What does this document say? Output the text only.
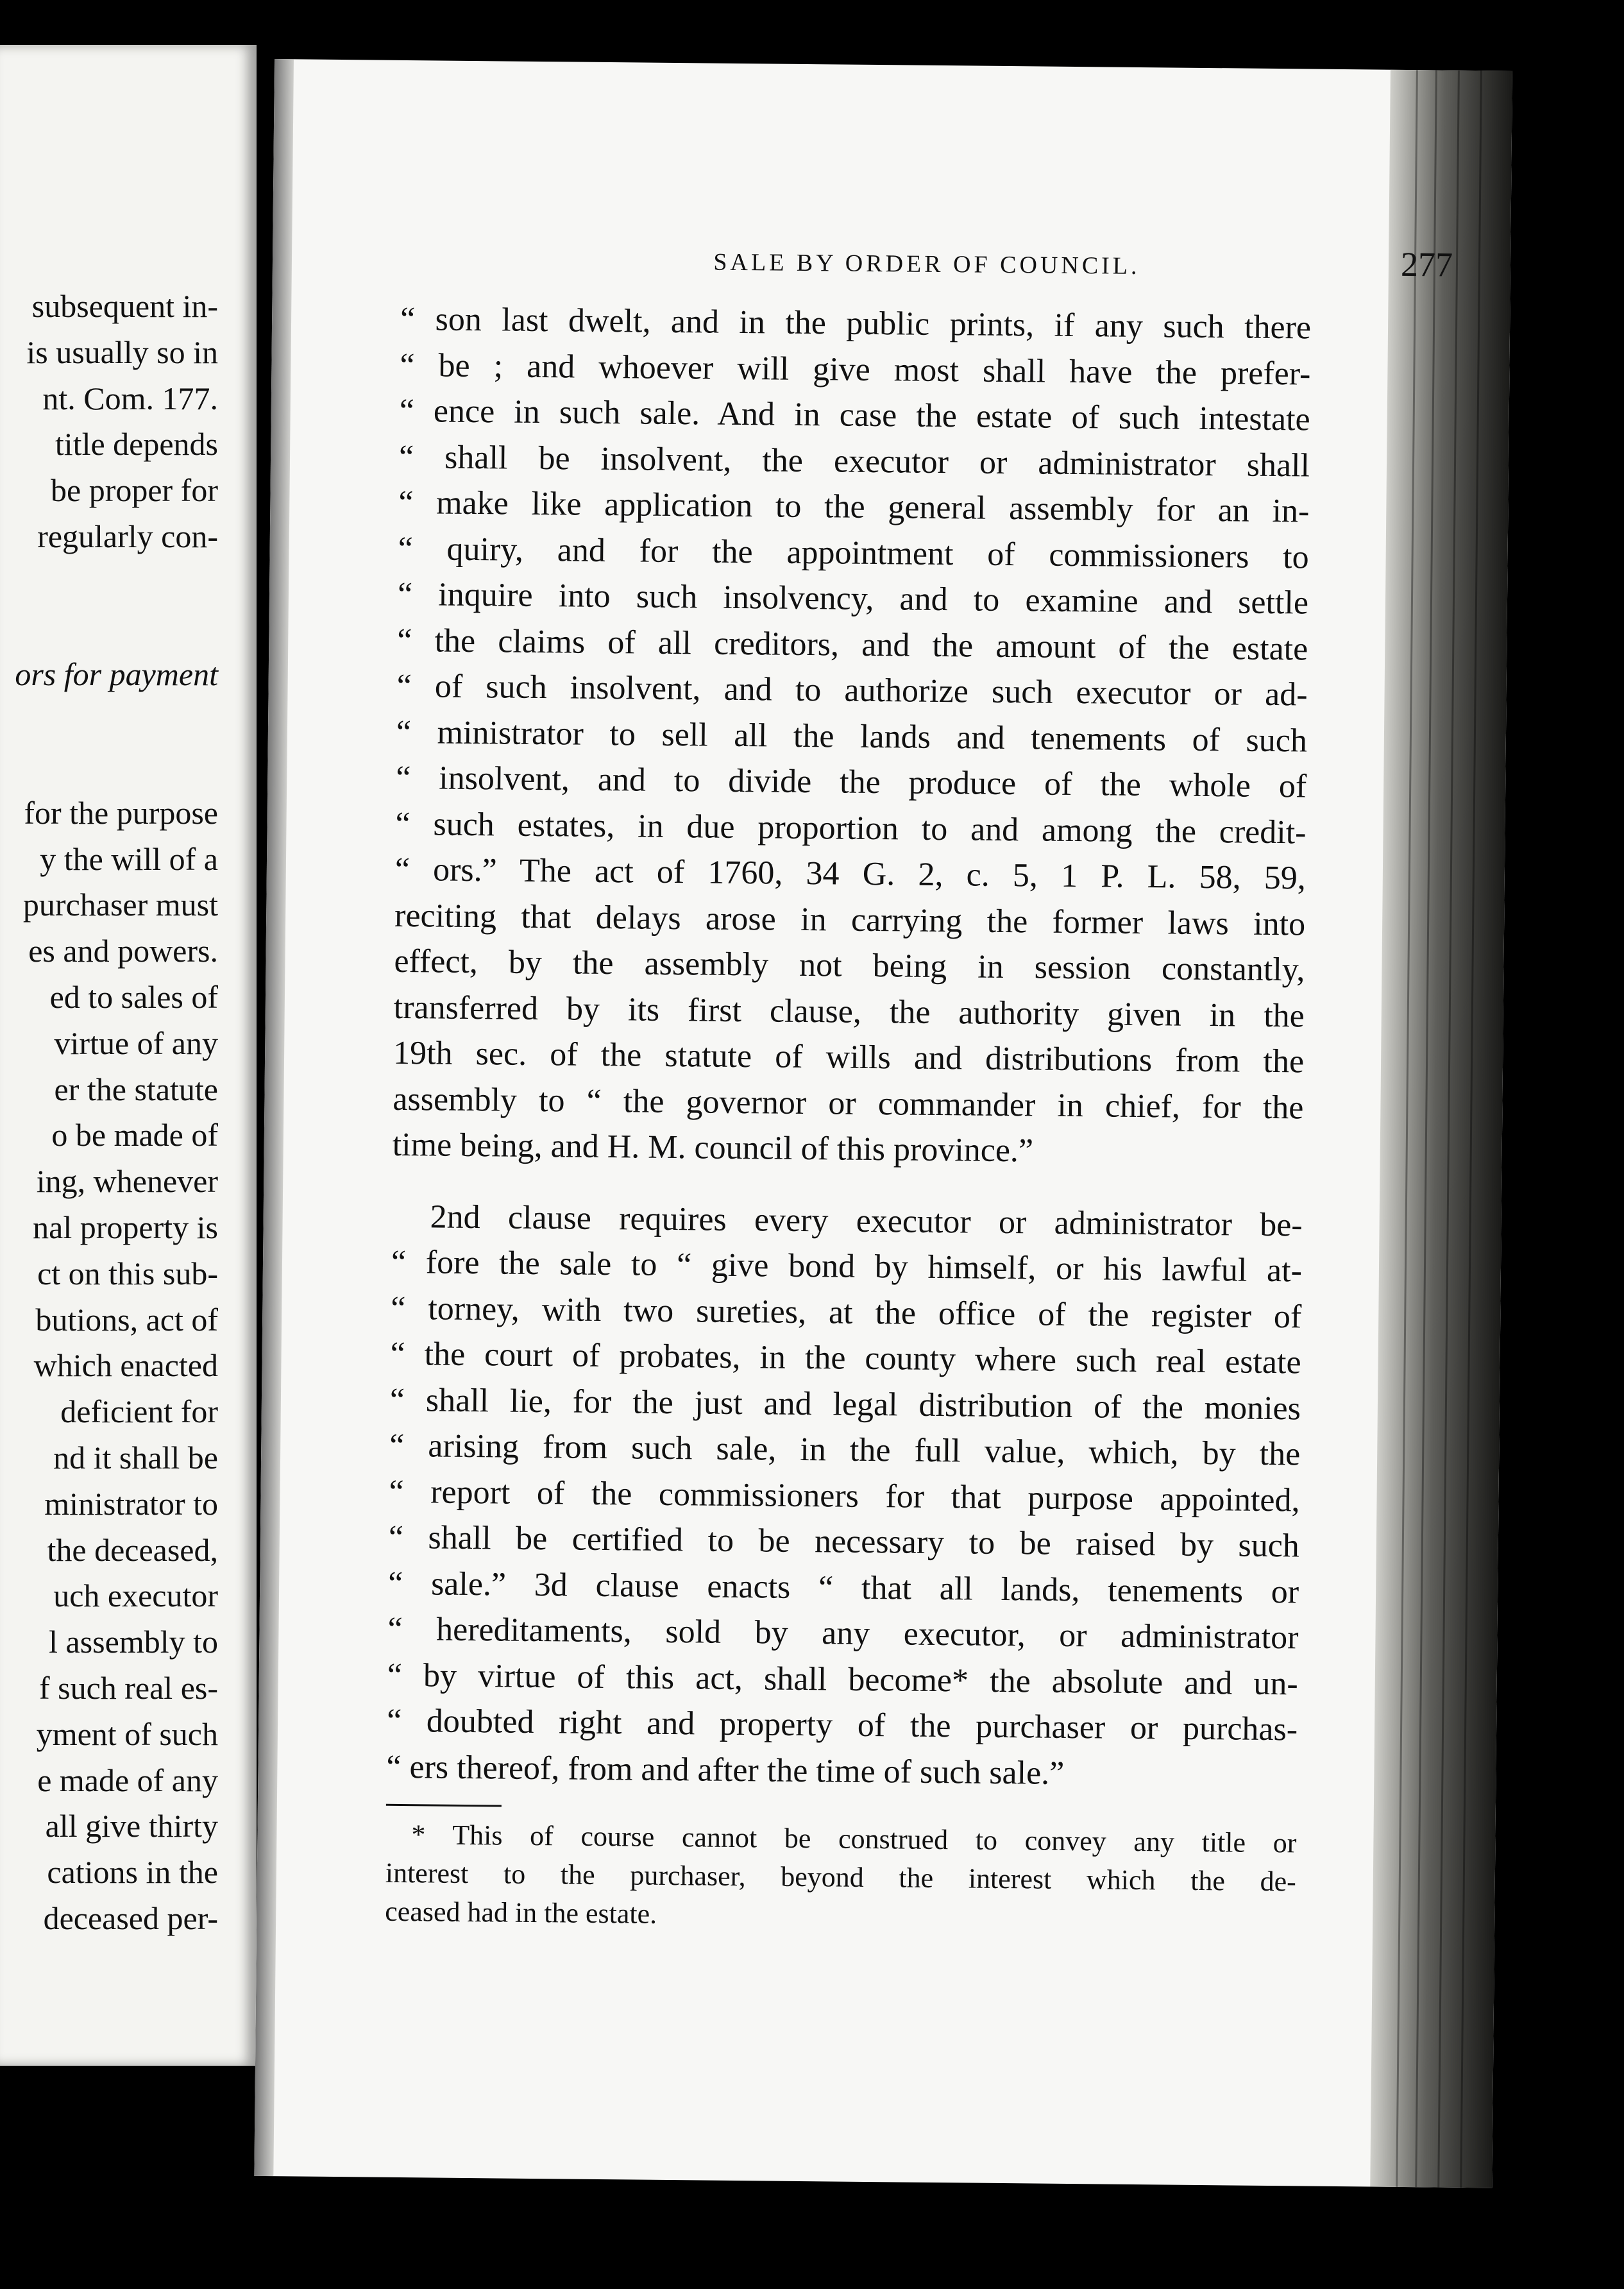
subsequent in-
is usually so in
nt. Com. 177.
title depends
be proper for
regularly con-
ors for payment
for the purpose
y the will of a
purchaser must
es and powers.
ed to sales of
virtue of any
er the statute
o be made of
ing, whenever
nal property is
ct on this sub-
butions, act of
which enacted
deficient for
nd it shall be
ministrator to
the deceased,
uch executor
l assembly to
f such real es-
yment of such
e made of any
all give thirty
cations in the
deceased per-
SALE BY ORDER OF COUNCIL.	277
“ son last dwelt, and in the public prints, if any such there
“ be ; and whoever will give most shall have the prefer-
“ ence in such sale. And in case the estate of such intestate
“ shall be insolvent, the executor or administrator shall
“ make like application to the general assembly for an in-
“ quiry, and for the appointment of commissioners to
“ inquire into such insolvency, and to examine and settle
“ the claims of all creditors, and the amount of the estate
“ of such insolvent, and to authorize such executor or ad-
“ ministrator to sell all the lands and tenements of such
“ insolvent, and to divide the produce of the whole of
“ such estates, in due proportion to and among the credit-
“ ors.” The act of 1760, 34 G. 2, c. 5, 1 P. L. 58, 59,
reciting that delays arose in carrying the former laws into
effect, by the assembly not being in session constantly,
transferred by its first clause, the authority given in the
19th sec. of the statute of wills and distributions from the
assembly to “ the governor or commander in chief, for the
time being, and H. M. council of this province.”
2nd clause requires every executor or administrator be-
“ fore the sale to “ give bond by himself, or his lawful at-
“ torney, with two sureties, at the office of the register of
“ the court of probates, in the county where such real estate
“ shall lie, for the just and legal distribution of the monies
“ arising from such sale, in the full value, which, by the
“ report of the commissioners for that purpose appointed,
“ shall be certified to be necessary to be raised by such
“ sale.” 3d clause enacts “ that all lands, tenements or
“ hereditaments, sold by any executor, or administrator
“ by virtue of this act, shall become* the absolute and un-
“ doubted right and property of the purchaser or purchas-
“ ers thereof, from and after the time of such sale.”
* This of course cannot be construed to convey any title or
interest to the purchaser, beyond the interest which the de-
ceased had in the estate.
